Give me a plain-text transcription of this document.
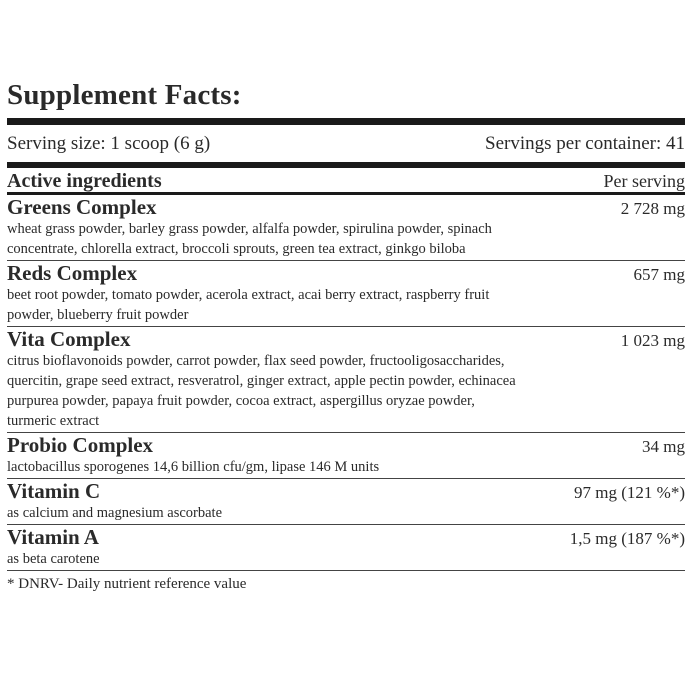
Supplement Facts:
Serving size: 1 scoop (6 g)	Servings per container: 41
Active ingredients	Per serving
Greens Complex	2 728 mg
wheat grass powder, barley grass powder, alfalfa powder, spirulina powder, spinach concentrate, chlorella extract, broccoli sprouts, green tea extract, ginkgo biloba
Reds Complex	657 mg
beet root powder, tomato powder, acerola extract, acai berry extract, raspberry fruit powder, blueberry fruit powder
Vita Complex	1 023 mg
citrus bioflavonoids powder, carrot powder, flax seed powder, fructooligosaccharides, quercitin, grape seed extract, resveratrol, ginger extract, apple pectin powder, echinacea purpurea powder, papaya fruit powder, cocoa extract, aspergillus oryzae powder, turmeric extract
Probio Complex	34 mg
lactobacillus sporogenes 14,6 billion cfu/gm, lipase 146 M units
Vitamin C	97 mg (121 %*)
as calcium and magnesium ascorbate
Vitamin A	1,5 mg (187 %*)
as beta carotene
* DNRV- Daily nutrient reference value
